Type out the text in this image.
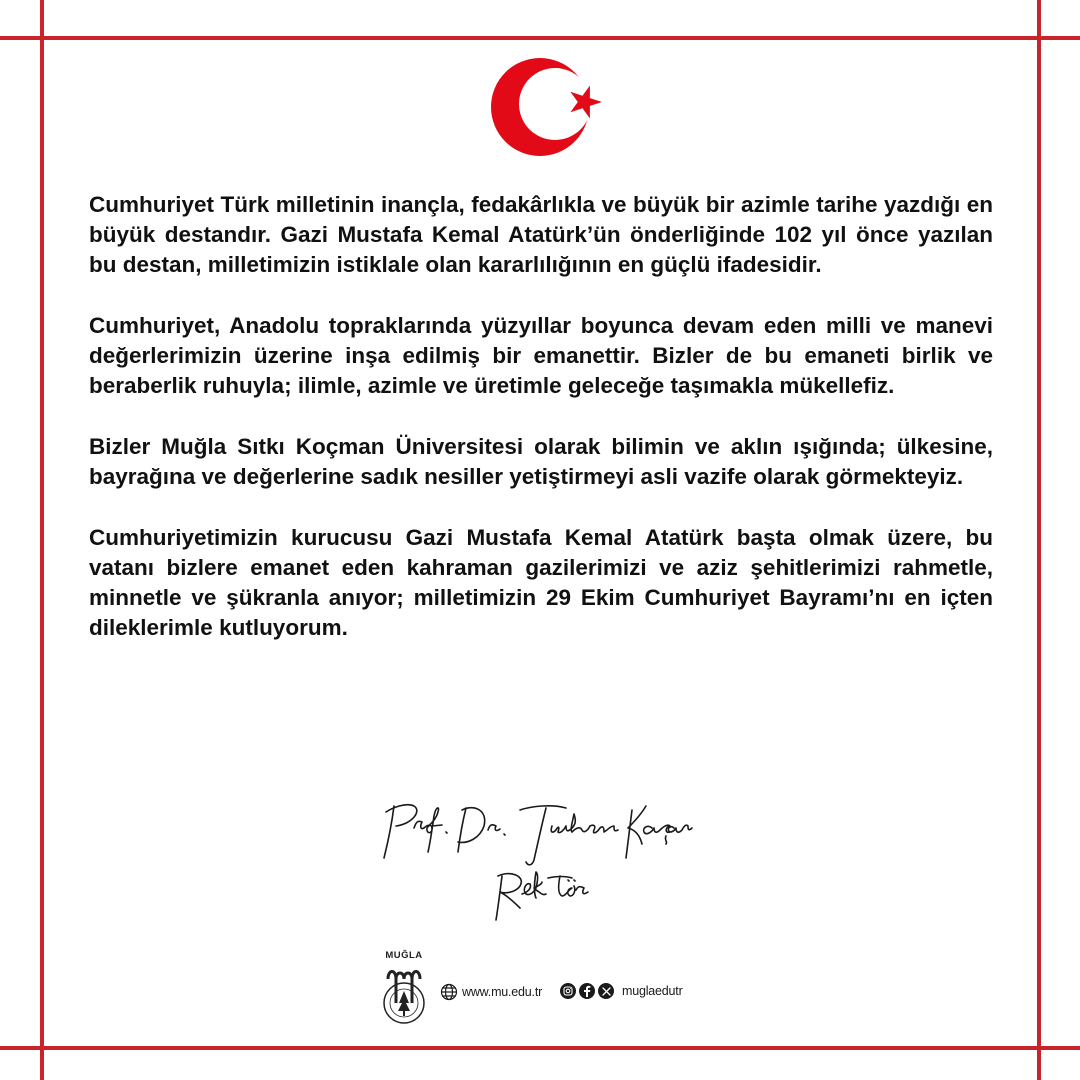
Cumhuriyet Türk milletinin inançla, fedakârlıkla ve büyük bir azimle tarihe yazdığı en büyük destandır. Gazi Mustafa Kemal Atatürk’ün önderliğinde 102 yıl önce yazılan bu destan, milletimizin istiklale olan kararlılığının en güçlü ifadesidir.

Cumhuriyet, Anadolu topraklarında yüzyıllar boyunca devam eden milli ve manevi değerlerimizin üzerine inşa edilmiş bir emanettir. Bizler de bu emaneti birlik ve beraberlik ruhuyla; ilimle, azimle ve üretimle geleceğe taşımakla mükellefiz.

Bizler Muğla Sıtkı Koçman Üniversitesi olarak bilimin ve aklın ışığında; ülkesine, bayrağına ve değerlerine sadık nesiller yetiştirmeyi asli vazife olarak görmekteyiz.

Cumhuriyetimizin kurucusu Gazi Mustafa Kemal Atatürk başta olmak üzere, bu vatanı bizlere emanet eden kahraman gazilerimizi ve aziz şehitlerimizi rahmetle, minnetle ve şükranla anıyor; milletimizin 29 Ekim Cumhuriyet Bayramı’nı en içten dileklerimle kutluyorum.

MUĞLA
www.mu.edu.tr	muglaedutr
